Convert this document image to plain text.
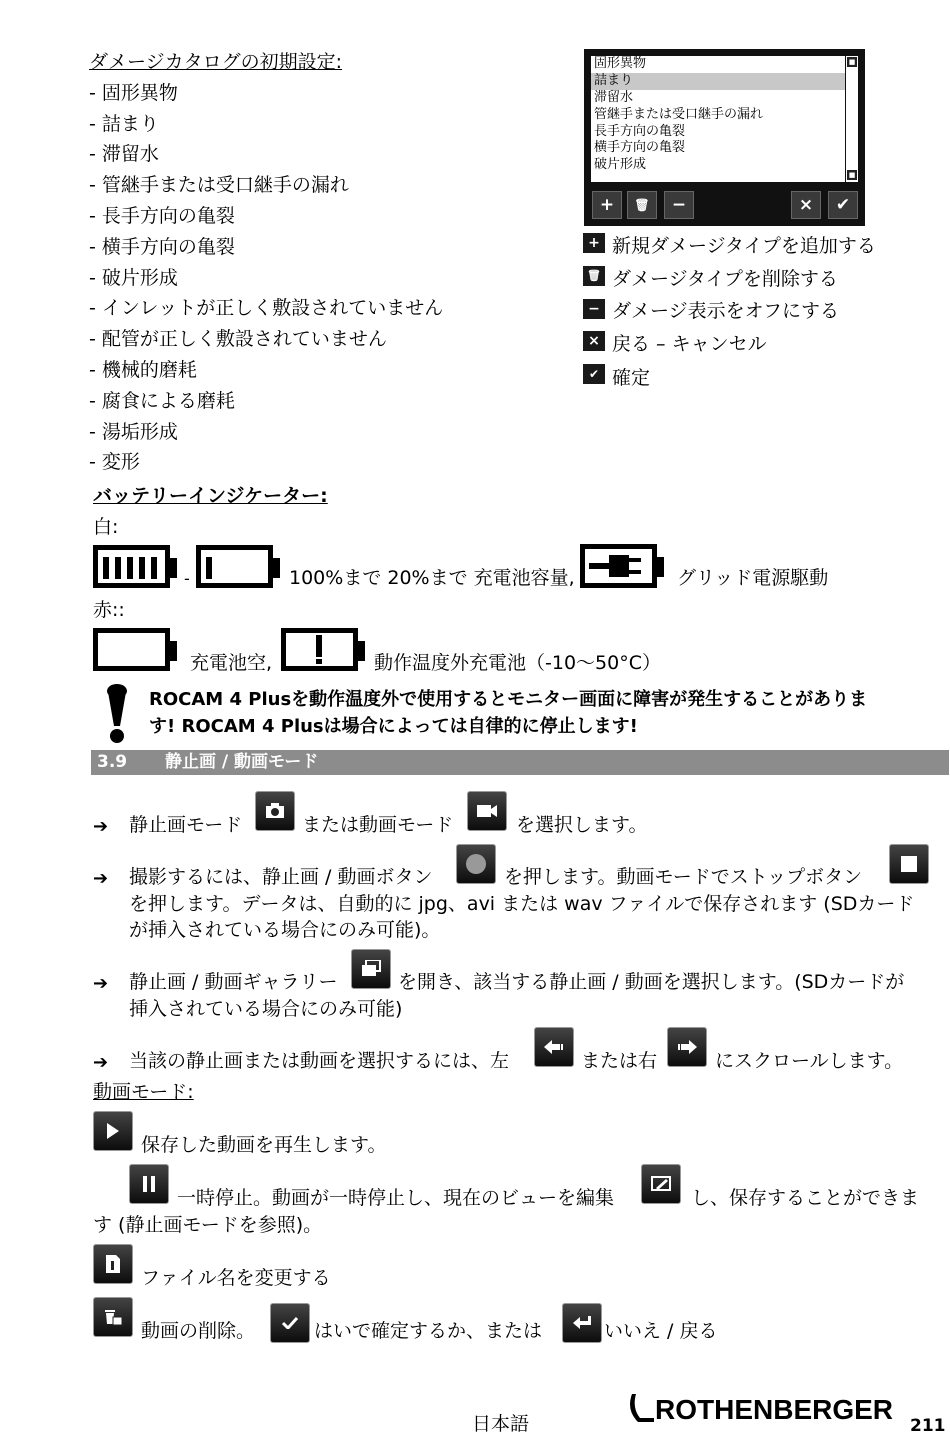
ダメージカタログの初期設定:
- 固形異物
- 詰まり
- 滞留水
- 管継手または受口継手の漏れ
- 長手方向の亀裂
- 横手方向の亀裂
- 破片形成
- インレットが正しく敷設されていません
- 配管が正しく敷設されていません
- 機械的磨耗
- 腐食による磨耗
- 湯垢形成
- 変形
固形異物
詰まり
滞留水
管継手または受口継手の漏れ
長手方向の亀裂
横手方向の亀裂
破片形成
■
■
+	🗑	−	×	✔
+ 新規ダメージタイプを追加する
🗑 ダメージタイプを削除する
− ダメージ表示をオフにする
× 戻る – キャンセル
✔ 確定
バッテリーインジケーター:
白:
-	100%まで 20%まで 充電池容量,	グリッド電源駆動
赤::
充電池空,	動作温度外充電池（-10～50°C）
ROCAM 4 Plusを動作温度外で使用するとモニター画面に障害が発生することがありま
す! ROCAM 4 Plusは場合によっては自律的に停止します!
3.9 静止画 / 動画モード
➔ 静止画モード	または動画モード	を選択します。
➔ 撮影するには、静止画 / 動画ボタン	を押します。動画モードでストップボタン
を押します。データは、自動的に jpg、avi または wav ファイルで保存されます (SDカード
が挿入されている場合にのみ可能)。
➔ 静止画 / 動画ギャラリー	を開き、該当する静止画 / 動画を選択します。(SDカードが
挿入されている場合にのみ可能)
➔ 当該の静止画または動画を選択するには、左	または右	にスクロールします。
動画モード:
保存した動画を再生します。
一時停止。動画が一時停止し、現在のビューを編集	し、保存することができま
す (静止画モードを参照)。
ファイル名を変更する
動画の削除。	はいで確定するか、または	いいえ / 戻る
日本語	ROTHENBERGER
211
